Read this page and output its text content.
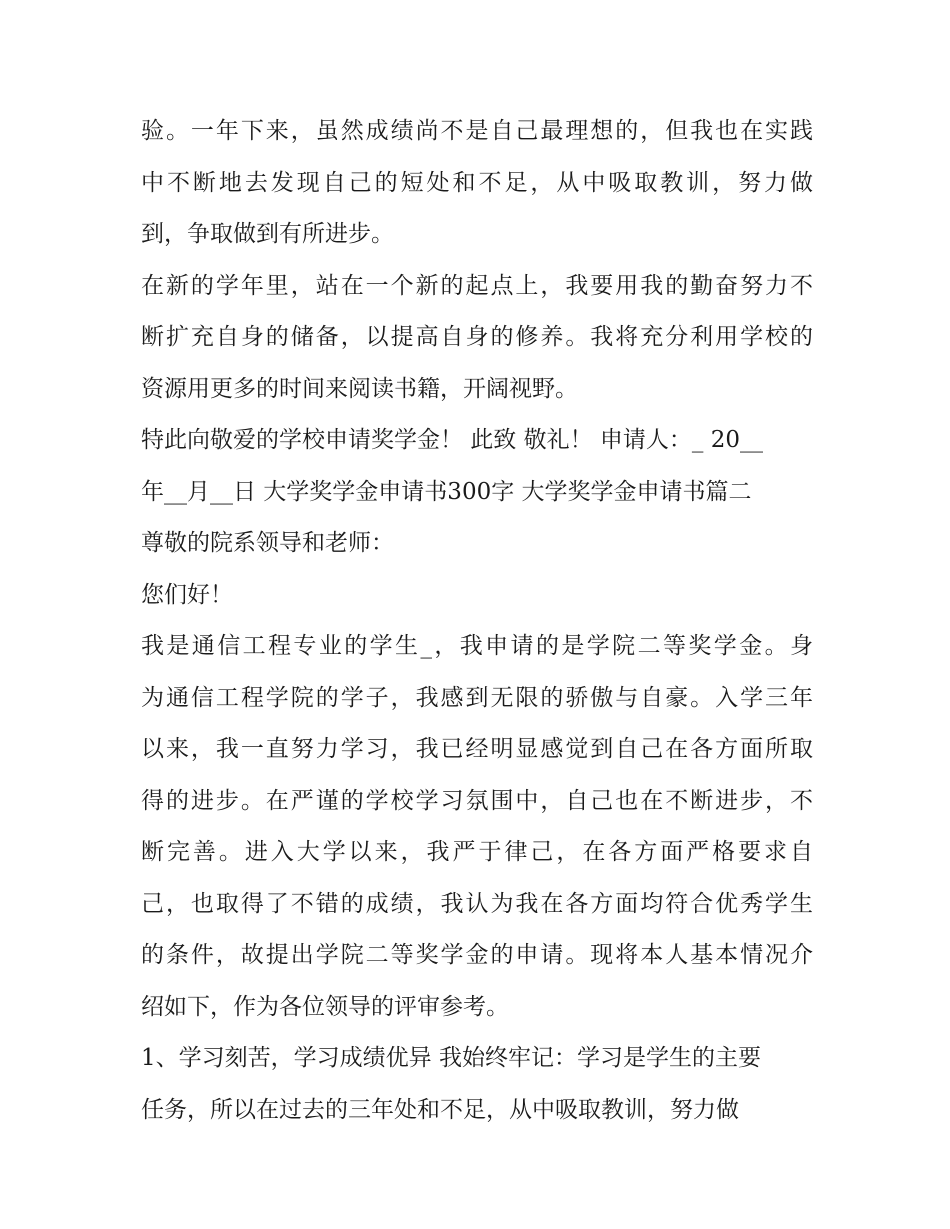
验。一年下来，虽然成绩尚不是自己最理想的，但我也在实践
中不断地去发现自己的短处和不足，从中吸取教训，努力做
到，争取做到有所进步。
在新的学年里，站在一个新的起点上，我要用我的勤奋努力不
断扩充自身的储备，以提高自身的修养。我将充分利用学校的
资源用更多的时间来阅读书籍，开阔视野。
特此向敬爱的学校申请奖学金！ 此致 敬礼！ 申请人：_ 20__
年__月__日 大学奖学金申请书300字 大学奖学金申请书篇二
尊敬的院系领导和老师：
您们好！
我是通信工程专业的学生_，我申请的是学院二等奖学金。身
为通信工程学院的学子，我感到无限的骄傲与自豪。入学三年
以来，我一直努力学习，我已经明显感觉到自己在各方面所取
得的进步。在严谨的学校学习氛围中，自己也在不断进步，不
断完善。进入大学以来，我严于律己，在各方面严格要求自
己，也取得了不错的成绩，我认为我在各方面均符合优秀学生
的条件，故提出学院二等奖学金的申请。现将本人基本情况介
绍如下，作为各位领导的评审参考。
1、学习刻苦，学习成绩优异 我始终牢记：学习是学生的主要
任务，所以在过去的三年处和不足，从中吸取教训，努力做
